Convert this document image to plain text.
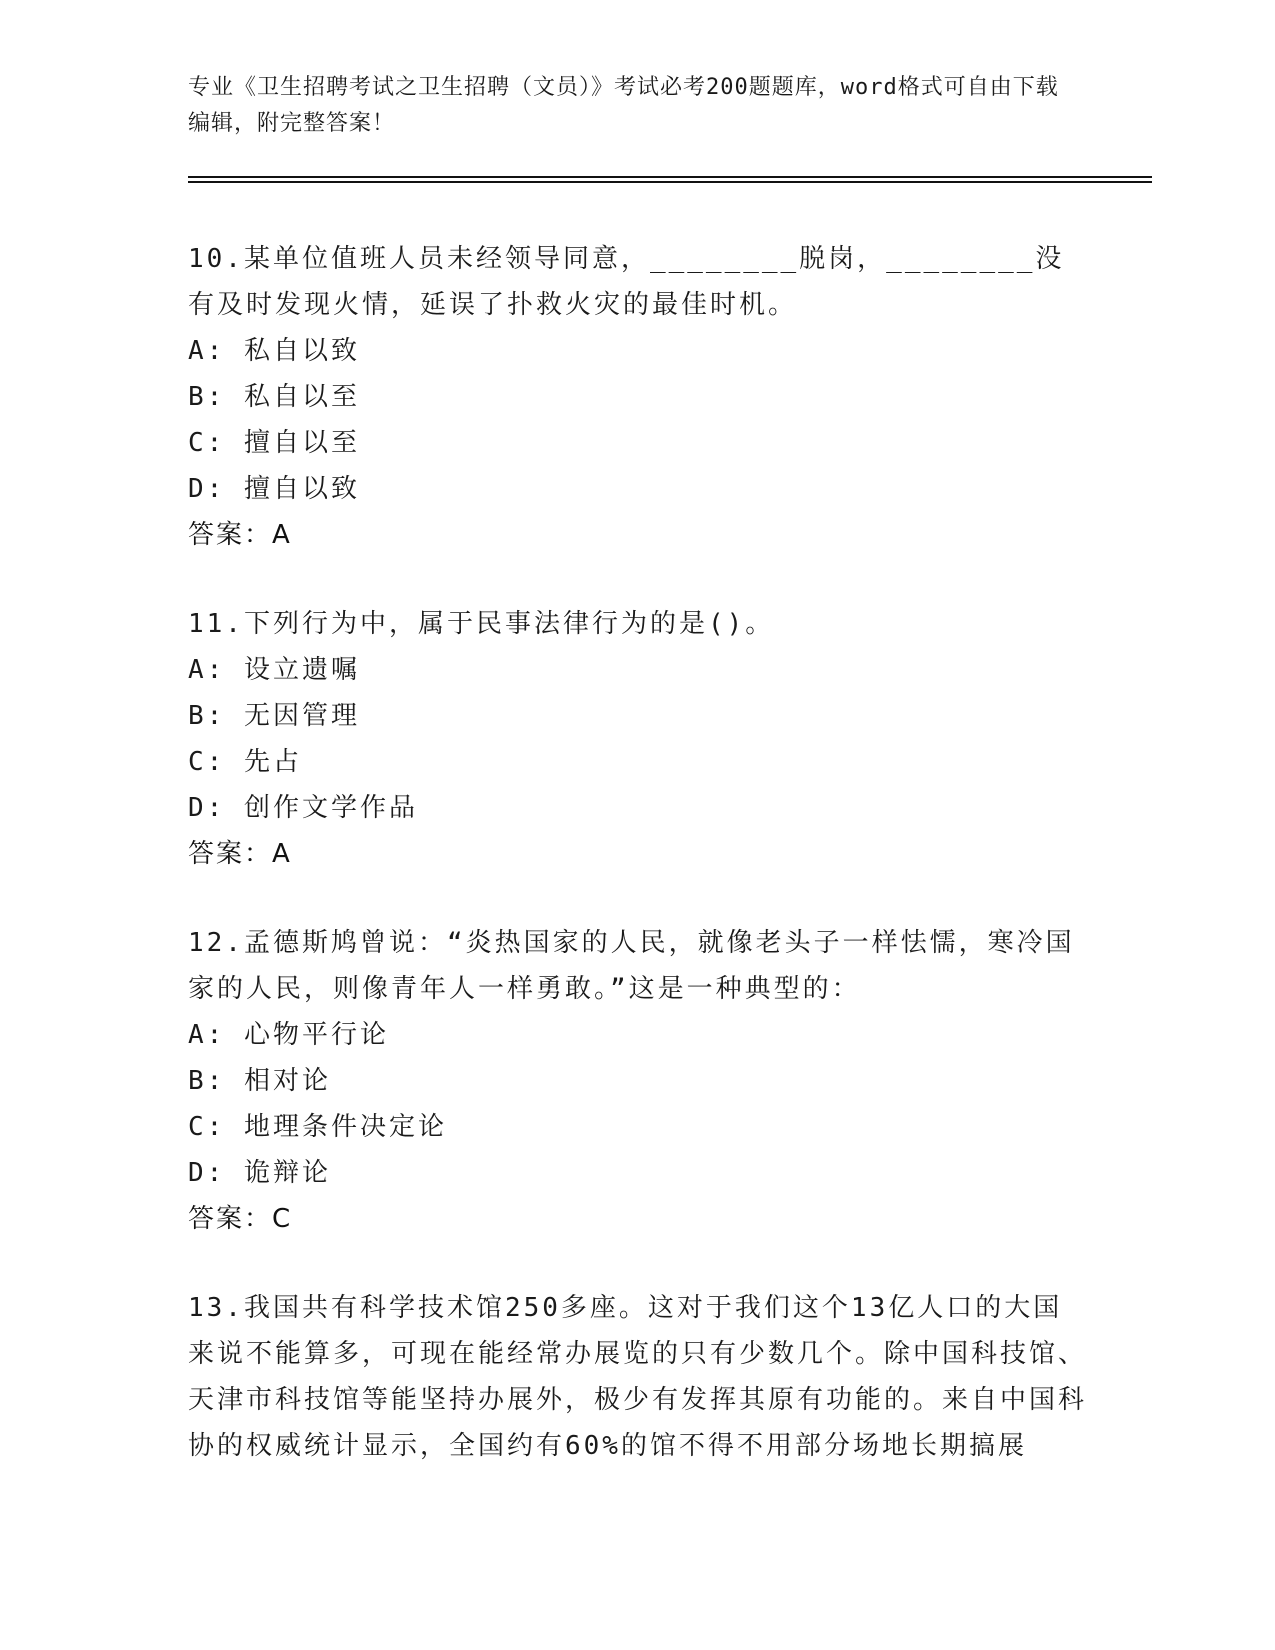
专业《卫生招聘考试之卫生招聘（文员）》考试必考200题题库，word格式可自由下载编辑，附完整答案！
10.某单位值班人员未经领导同意，________脱岗，________没有及时发现火情，延误了扑救火灾的最佳时机。
A: 私自以致
B: 私自以至
C: 擅自以至
D: 擅自以致
答案：A
11.下列行为中，属于民事法律行为的是()。
A: 设立遗嘱
B: 无因管理
C: 先占
D: 创作文学作品
答案：A
12.孟德斯鸠曾说：“炎热国家的人民，就像老头子一样怯懦，寒冷国家的人民，则像青年人一样勇敢。”这是一种典型的：
A: 心物平行论
B: 相对论
C: 地理条件决定论
D: 诡辩论
答案：C
13.我国共有科学技术馆250多座。这对于我们这个13亿人口的大国来说不能算多，可现在能经常办展览的只有少数几个。除中国科技馆、天津市科技馆等能坚持办展外，极少有发挥其原有功能的。来自中国科协的权威统计显示，全国约有60%的馆不得不用部分场地长期搞展
